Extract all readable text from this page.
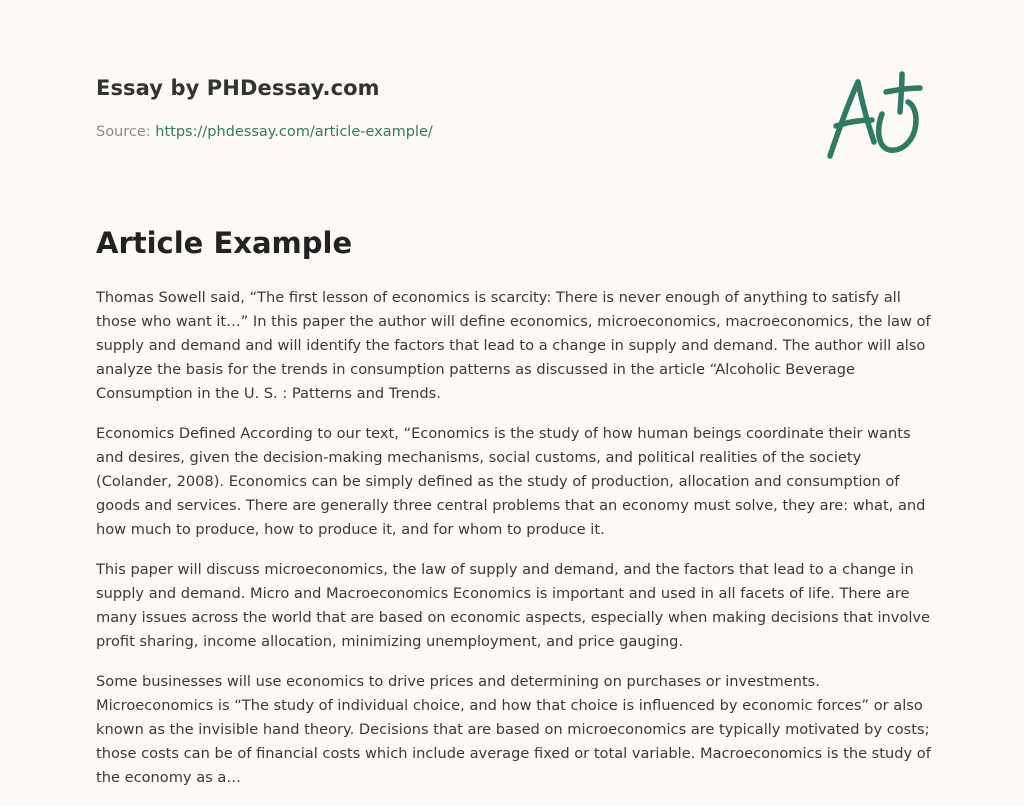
Essay by PHDessay.com
Source: https://phdessay.com/article-example/
Article Example

Thomas Sowell said, “The first lesson of economics is scarcity: There is never enough of anything to satisfy all those who want it…” In this paper the author will define economics, microeconomics, macroeconomics, the law of supply and demand and will identify the factors that lead to a change in supply and demand. The author will also analyze the basis for the trends in consumption patterns as discussed in the article “Alcoholic Beverage Consumption in the U. S. : Patterns and Trends.

Economics Defined According to our text, “Economics is the study of how human beings coordinate their wants and desires, given the decision-making mechanisms, social customs, and political realities of the society (Colander, 2008). Economics can be simply defined as the study of production, allocation and consumption of goods and services. There are generally three central problems that an economy must solve, they are: what, and how much to produce, how to produce it, and for whom to produce it.

This paper will discuss microeconomics, the law of supply and demand, and the factors that lead to a change in supply and demand. Micro and Macroeconomics Economics is important and used in all facets of life. There are many issues across the world that are based on economic aspects, especially when making decisions that involve profit sharing, income allocation, minimizing unemployment, and price gauging.

Some businesses will use economics to drive prices and determining on purchases or investments. Microeconomics is “The study of individual choice, and how that choice is influenced by economic forces” or also known as the invisible hand theory. Decisions that are based on microeconomics are typically motivated by costs; those costs can be of financial costs which include average fixed or total variable. Macroeconomics is the study of the economy as a…
